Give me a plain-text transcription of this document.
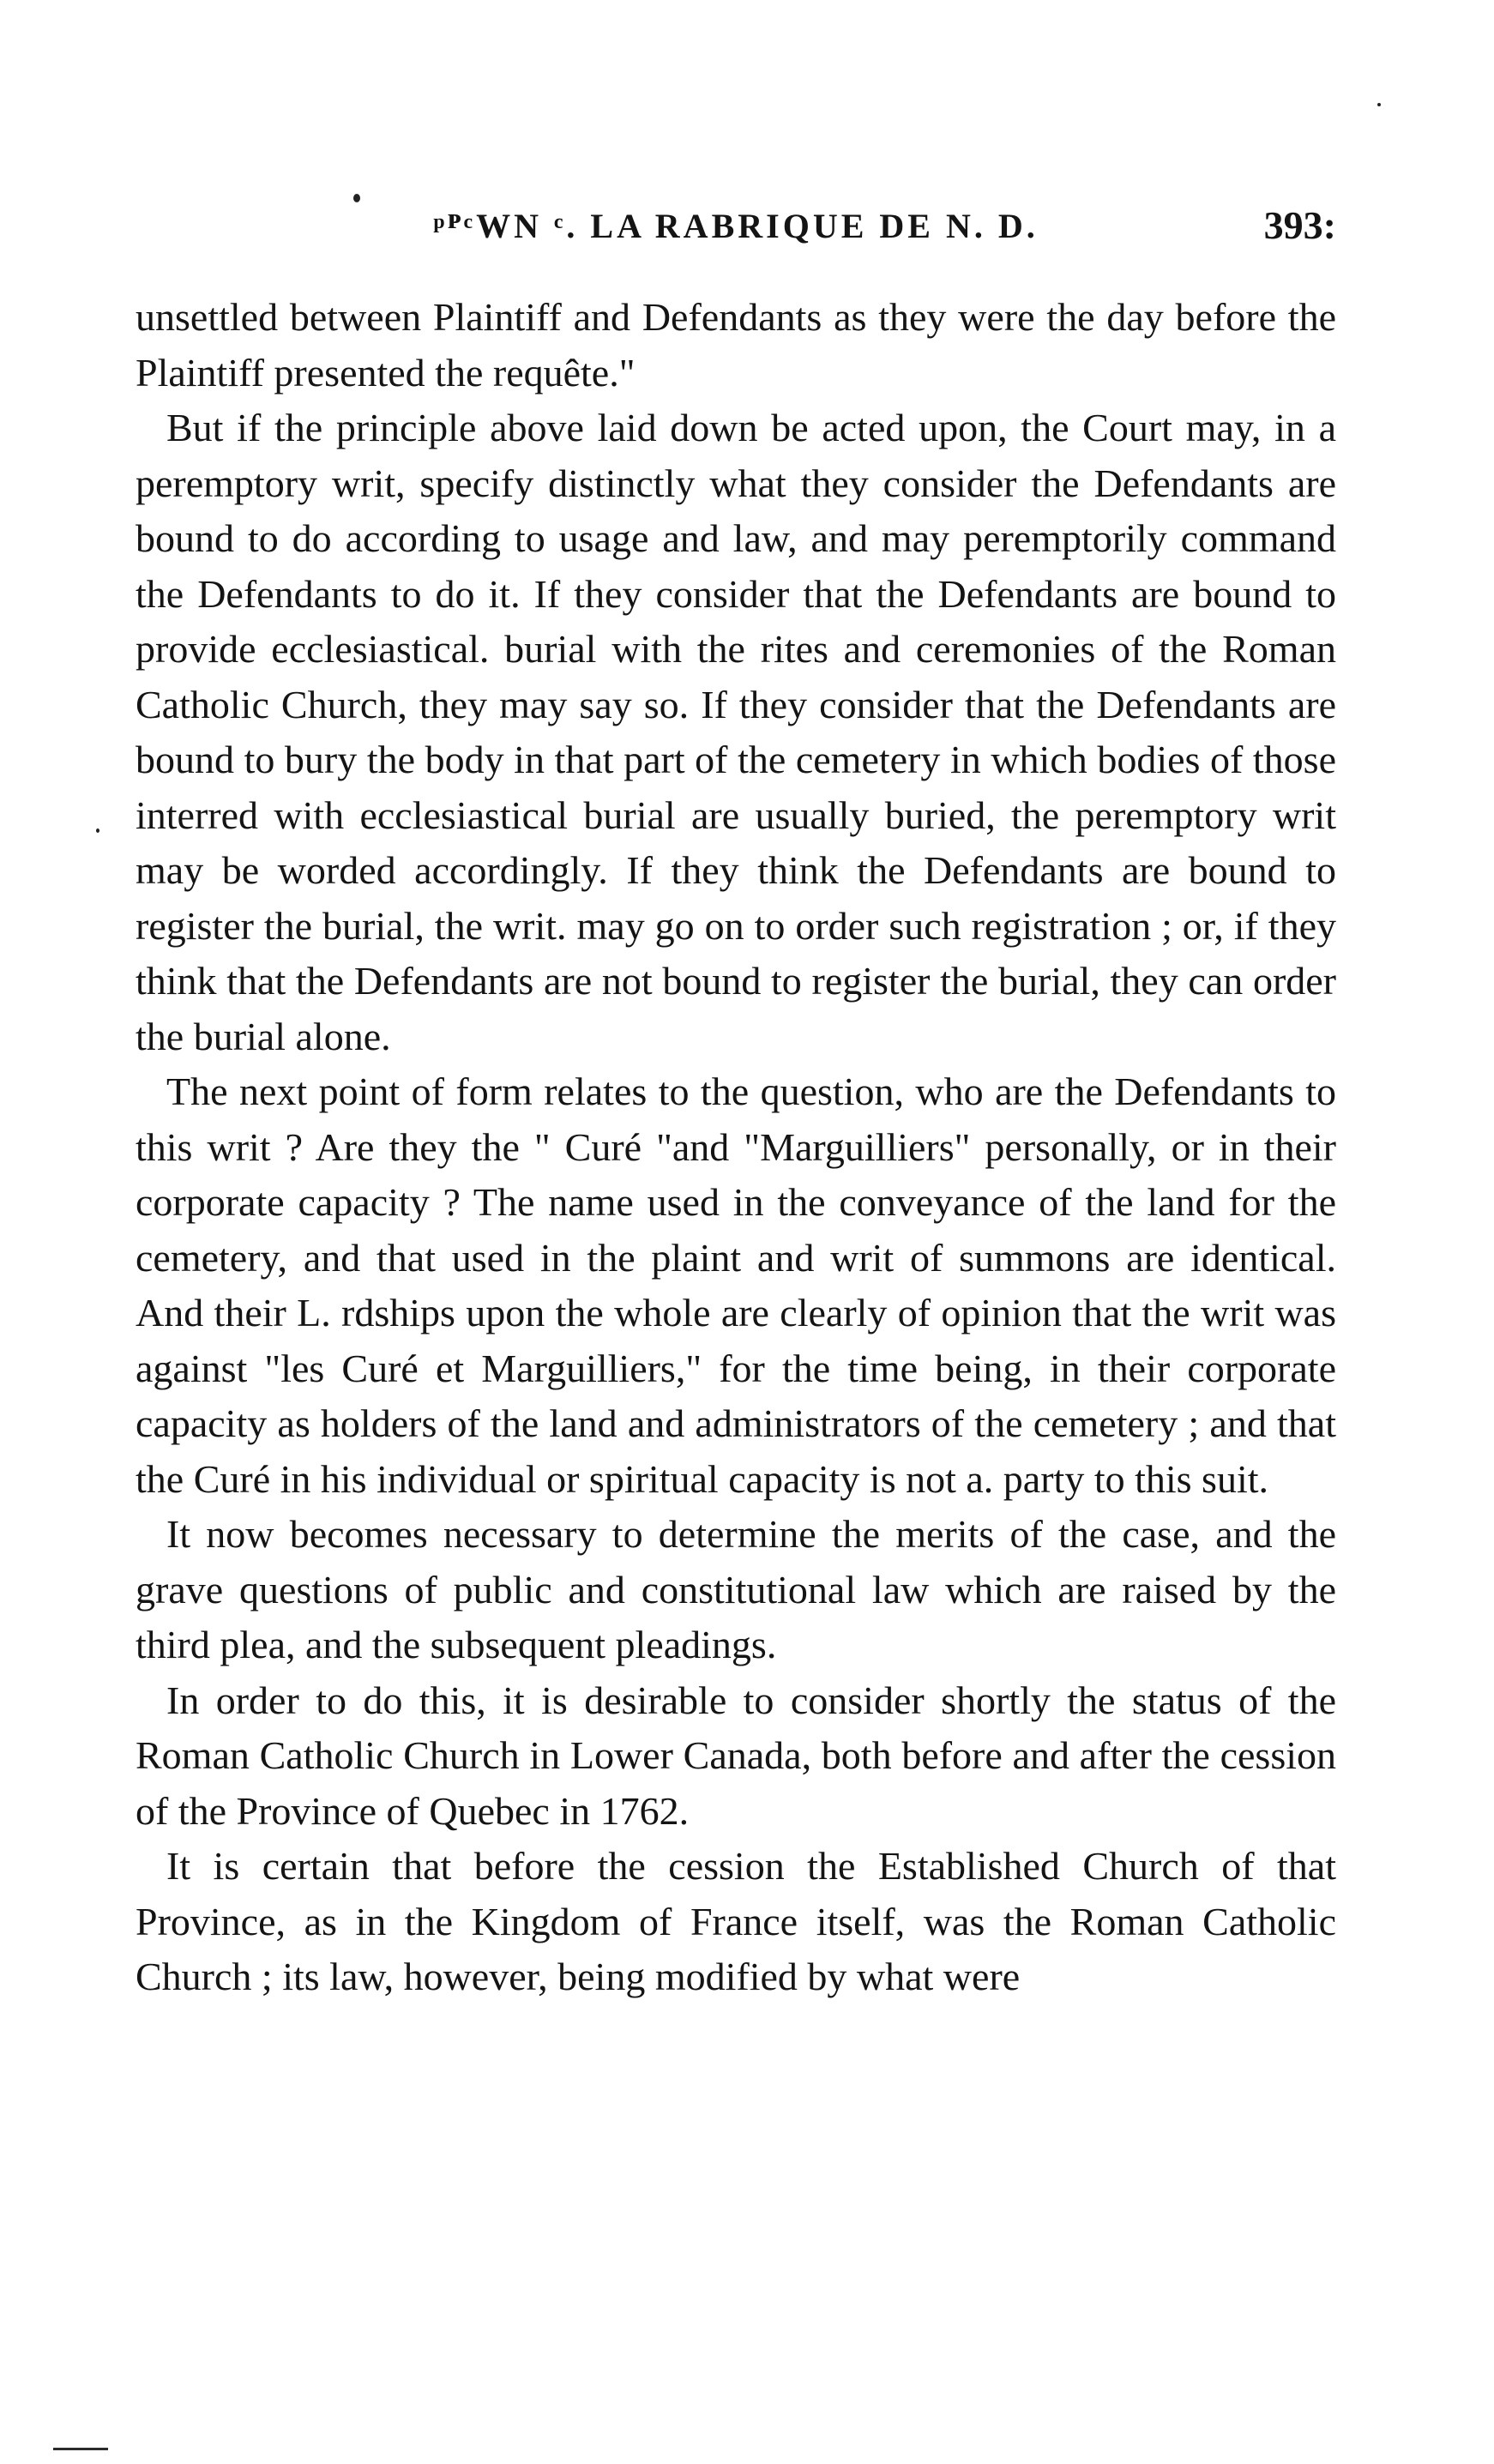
ᵖᴾᶜWN ᶜ. LA RABRIQUE DE N. D.	393:

unsettled between Plaintiff and Defendants as they were the day before the Plaintiff presented the requête."

But if the principle above laid down be acted upon, the Court may, in a peremptory writ, specify distinctly what they consider the Defendants are bound to do according to usage and law, and may peremptorily command the Defendants to do it. If they consider that the Defendants are bound to provide ecclesiastical. burial with the rites and ceremonies of the Roman Catholic Church, they may say so. If they consider that the Defendants are bound to bury the body in that part of the cemetery in which bodies of those interred with ecclesiastical burial are usually buried, the peremptory writ may be worded accordingly. If they think the Defendants are bound to register the burial, the writ. may go on to order such registration ; or, if they think that the Defendants are not bound to register the burial, they can order the burial alone.

The next point of form relates to the question, who are the Defendants to this writ ? Are they the " Curé "and "Marguilliers" personally, or in their corporate capacity ? The name used in the conveyance of the land for the cemetery, and that used in the plaint and writ of summons are identical. And their L. rdships upon the whole are clearly of opinion that the writ was against "les Curé et Marguilliers," for the time being, in their corporate capacity as holders of the land and administrators of the cemetery ; and that the Curé in his individual or spiritual capacity is not a. party to this suit.

It now becomes necessary to determine the merits of the case, and the grave questions of public and constitutional law which are raised by the third plea, and the subsequent pleadings.

In order to do this, it is desirable to consider shortly the status of the Roman Catholic Church in Lower Canada, both before and after the cession of the Province of Quebec in 1762.

It is certain that before the cession the Established Church of that Province, as in the Kingdom of France itself, was the Roman Catholic Church ; its law, however, being modified by what were
